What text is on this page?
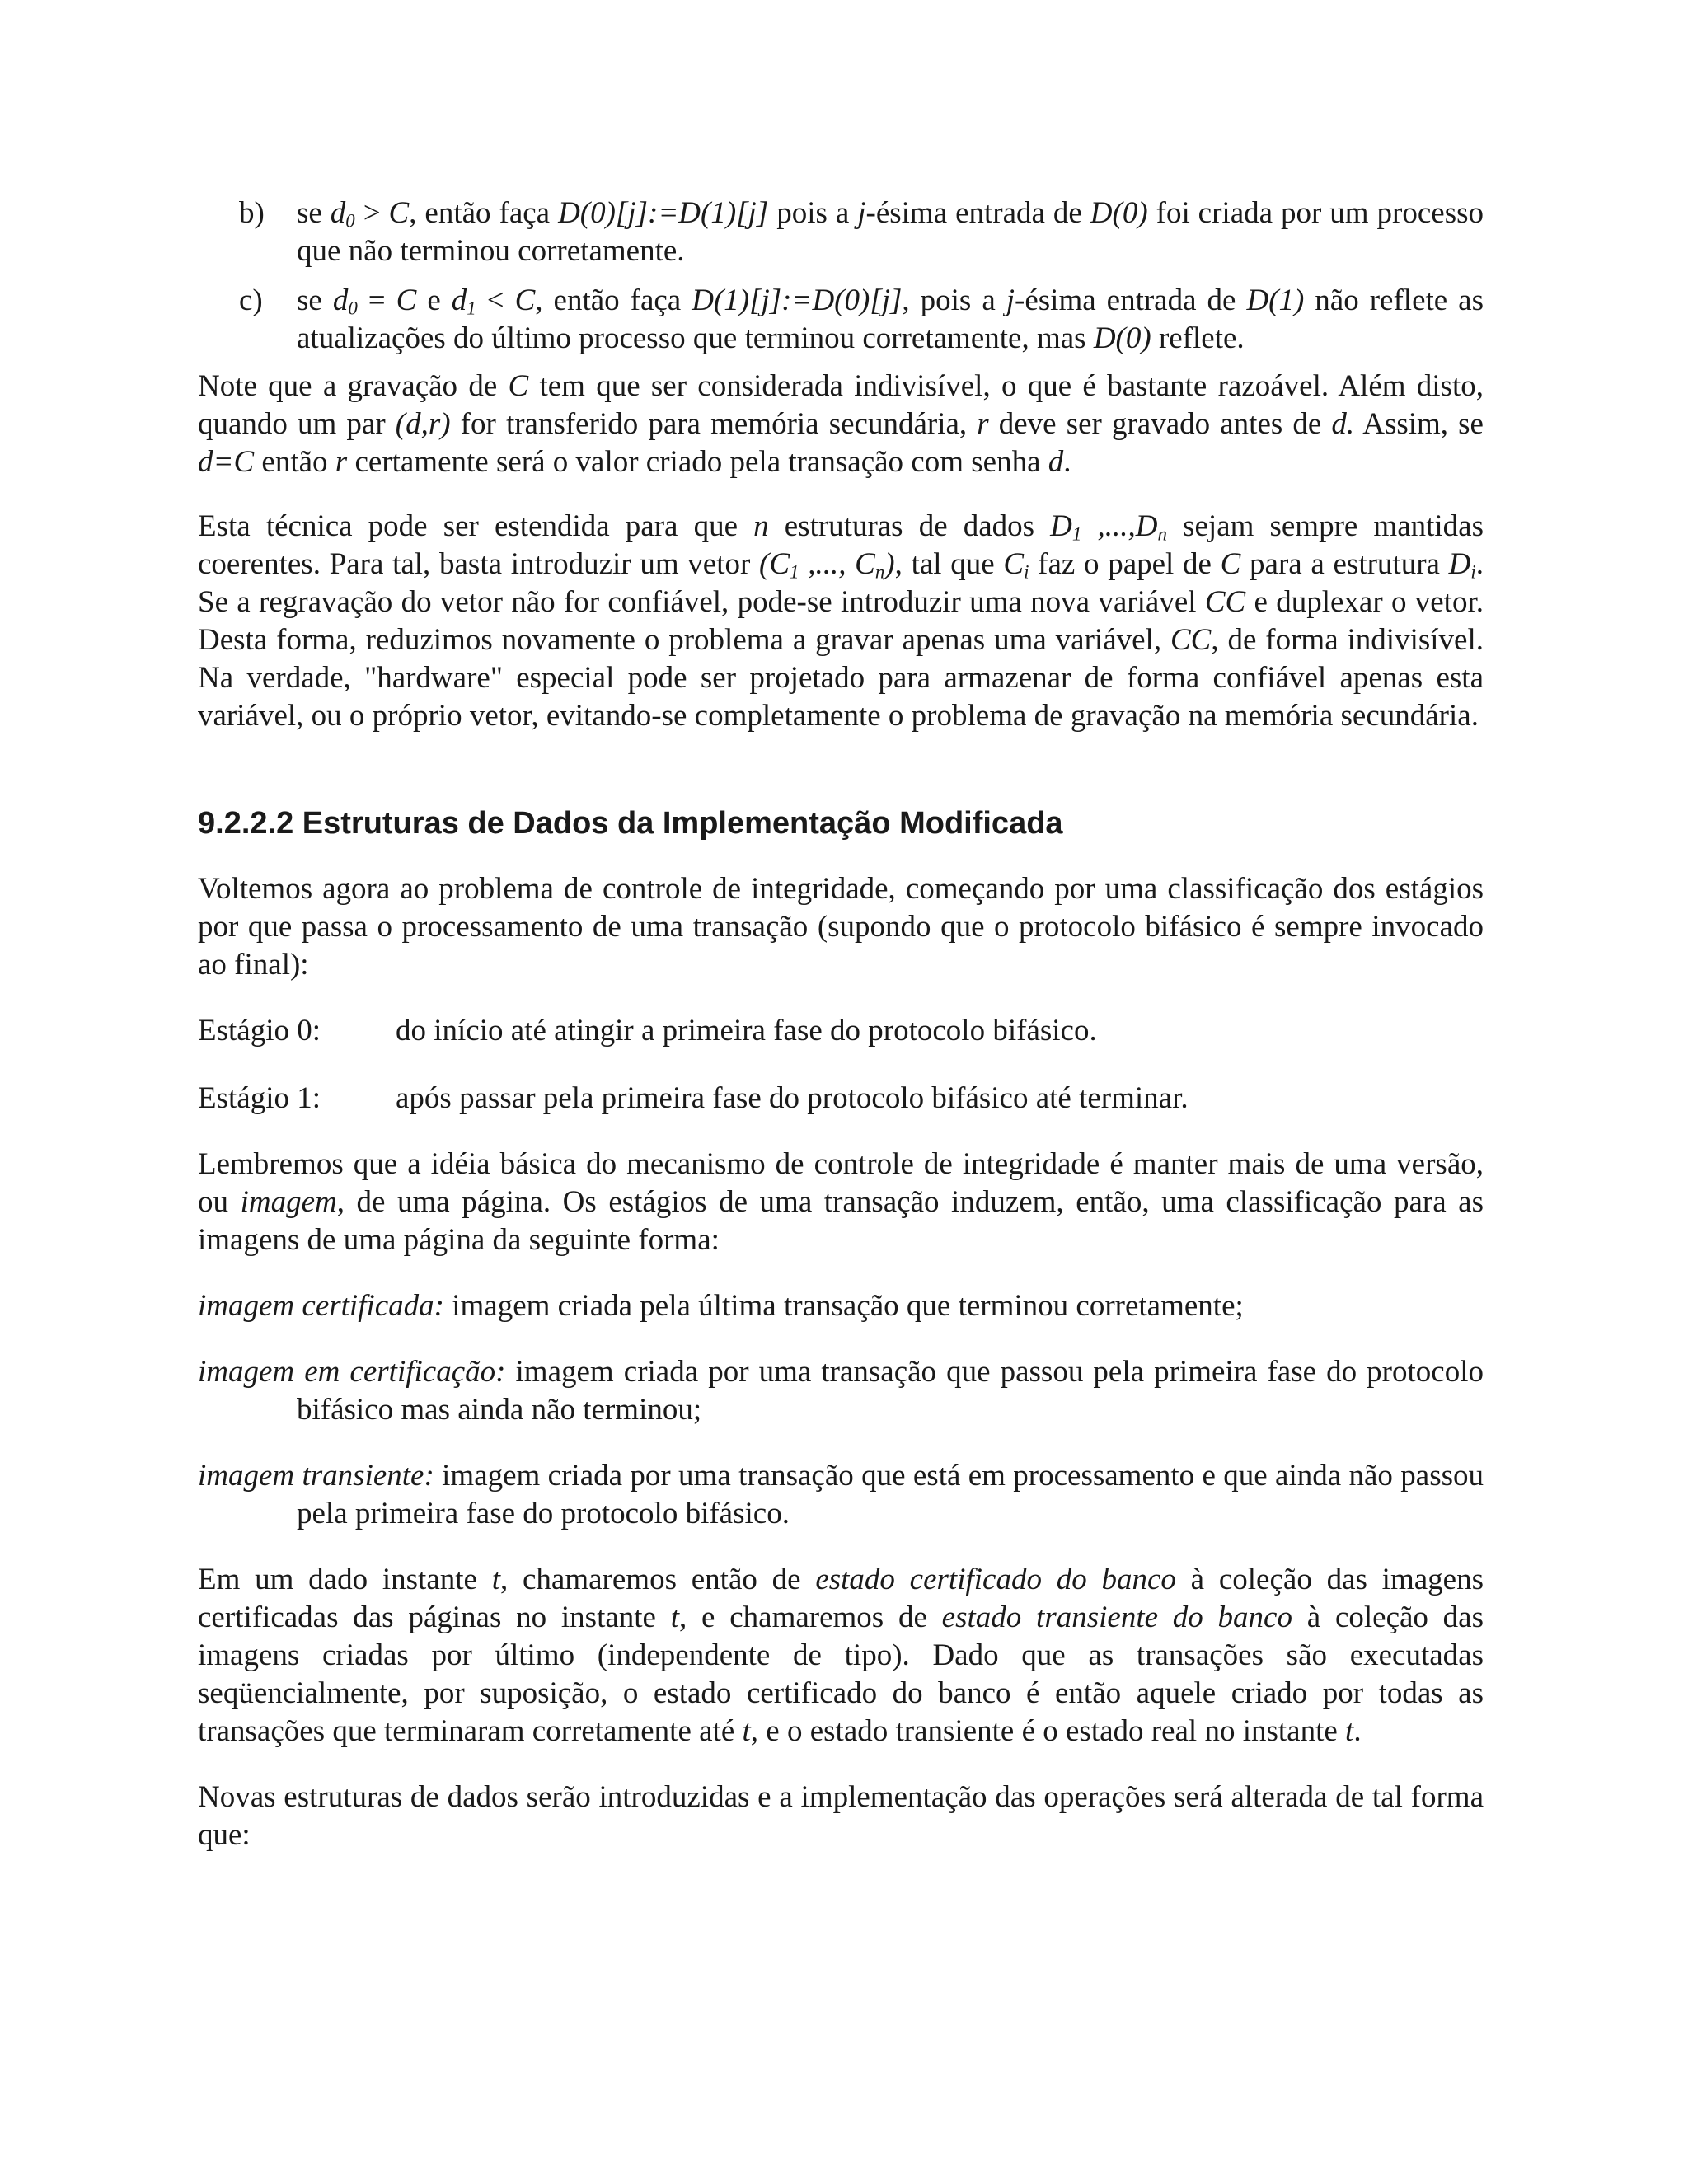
b) se $d_0 > C$, então faça D(0)[j]:=D(1)[j] pois a j-ésima entrada de D(0) foi criada por um processo que não terminou corretamente.
c) se $d_0 = C$ e $d_1 < C$, então faça D(1)[j]:=D(0)[j], pois a j-ésima entrada de D(1) não reflete as atualizações do último processo que terminou corretamente, mas D(0) reflete.

Note que a gravação de C tem que ser considerada indivisível, o que é bastante razoável. Além disto, quando um par (d,r) for transferido para memória secundária, r deve ser gravado antes de d. Assim, se d=C então r certamente será o valor criado pela transação com senha d.

Esta técnica pode ser estendida para que n estruturas de dados $D_1$ $,...,D_n$ sejam sempre mantidas coerentes. Para tal, basta introduzir um vetor ($C_1$ ,..., $C_n$), tal que $C_i$ faz o papel de C para a estrutura $D_i$. Se a regravação do vetor não for confiável, pode-se introduzir uma nova variável CC e duplexar o vetor. Desta forma, reduzimos novamente o problema a gravar apenas uma variável, CC, de forma indivisível. Na verdade, "hardware" especial pode ser projetado para armazenar de forma confiável apenas esta variável, ou o próprio vetor, evitando-se completamente o problema de gravação na memória secundária.

9.2.2.2 Estruturas de Dados da Implementação Modificada

Voltemos agora ao problema de controle de integridade, começando por uma classificação dos estágios por que passa o processamento de uma transação (supondo que o protocolo bifásico é sempre invocado ao final):

Estágio 0:	do início até atingir a primeira fase do protocolo bifásico.
Estágio 1:	após passar pela primeira fase do protocolo bifásico até terminar.

Lembremos que a idéia básica do mecanismo de controle de integridade é manter mais de uma versão, ou imagem, de uma página. Os estágios de uma transação induzem, então, uma classificação para as imagens de uma página da seguinte forma:

imagem certificada: imagem criada pela última transação que terminou corretamente;

imagem em certificação: imagem criada por uma transação que passou pela primeira fase do protocolo bifásico mas ainda não terminou;

imagem transiente: imagem criada por uma transação que está em processamento e que ainda não passou pela primeira fase do protocolo bifásico.

Em um dado instante t, chamaremos então de estado certificado do banco à coleção das imagens certificadas das páginas no instante t, e chamaremos de estado transiente do banco à coleção das imagens criadas por último (independente de tipo). Dado que as transações são executadas seqüencialmente, por suposição, o estado certificado do banco é então aquele criado por todas as transações que terminaram corretamente até t, e o estado transiente é o estado real no instante t.

Novas estruturas de dados serão introduzidas e a implementação das operações será alterada de tal forma que:
